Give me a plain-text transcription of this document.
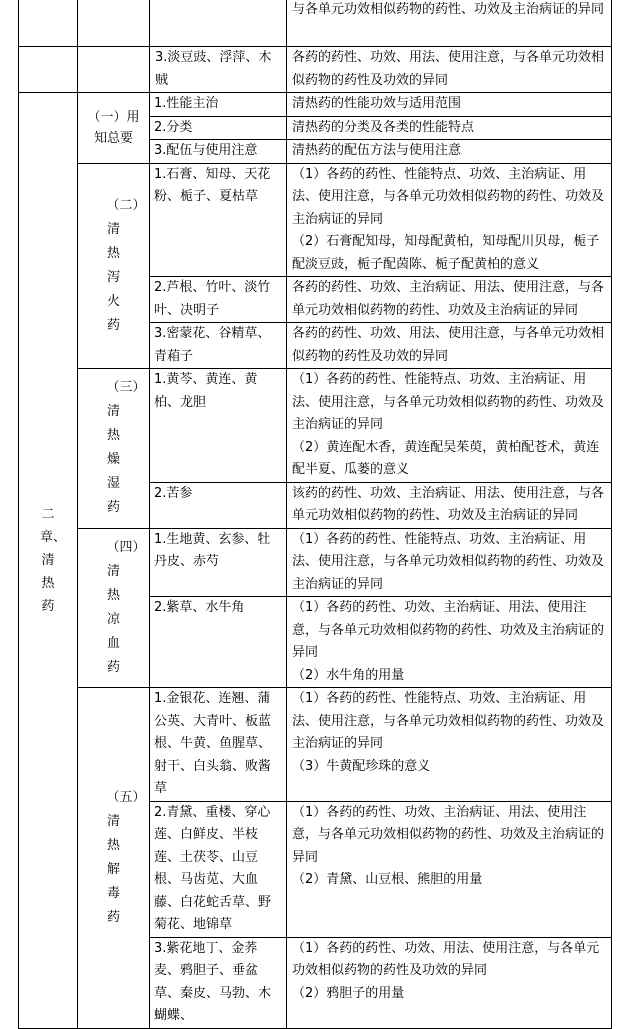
			与各单元功效相似药物的药性、功效及主治病证的异同

		3.淡豆豉、浮萍、木贼	各药的药性、功效、用法、使用注意，与各单元功效相似药物的药性及功效的异同

二章、清热药	（一）用知总要	1.性能主治	清热药的性能功效与适用范围

		2.分类	清热药的分类及各类的性能特点

		3.配伍与使用注意	清热药的配伍方法与使用注意

	（二）清热泻火药	1.石膏、知母、天花粉、栀子、夏枯草	（1）各药的药性、性能特点、功效、主治病证、用法、使用注意，与各单元功效相似药物的药性、功效及主治病证的异同
（2）石膏配知母，知母配黄柏，知母配川贝母，栀子配淡豆豉，栀子配茵陈、栀子配黄柏的意义

		2.芦根、竹叶、淡竹叶、决明子	各药的药性、功效、主治病证、用法、使用注意，与各单元功效相似药物的药性、功效及主治病证的异同

		3.密蒙花、谷精草、青葙子	各药的药性、功效、用法、使用注意，与各单元功效相似药物的药性及功效的异同

	（三）清热燥湿药	1.黄芩、黄连、黄柏、龙胆	（1）各药的药性、性能特点、功效、主治病证、用法、使用注意，与各单元功效相似药物的药性、功效及主治病证的异同
（2）黄连配木香，黄连配吴茱萸，黄柏配苍术，黄连配半夏、瓜蒌的意义

		2.苦参	该药的药性、功效、主治病证、用法、使用注意，与各单元功效相似药物的药性、功效及主治病证的异同

	（四）清热凉血药	1.生地黄、玄参、牡丹皮、赤芍	（1）各药的药性、性能特点、功效、主治病证、用法、使用注意，与各单元功效相似药物的药性、功效及主治病证的异同

		2.紫草、水牛角	（1）各药的药性、功效、主治病证、用法、使用注意，与各单元功效相似药物的药性、功效及主治病证的异同
（2）水牛角的用量

	（五）清热解毒药	1.金银花、连翘、蒲公英、大青叶、板蓝根、牛黄、鱼腥草、射干、白头翁、败酱草	（1）各药的药性、性能特点、功效、主治病证、用法、使用注意，与各单元功效相似药物的药性、功效及主治病证的异同
（3）牛黄配珍珠的意义

		2.青黛、重楼、穿心莲、白鲜皮、半枝莲、土茯苓、山豆根、马齿苋、大血藤、白花蛇舌草、野菊花、地锦草	（1）各药的药性、功效、主治病证、用法、使用注意，与各单元功效相似药物的药性、功效及主治病证的异同
（2）青黛、山豆根、熊胆的用量

		3.紫花地丁、金荞麦、鸦胆子、垂盆草、秦皮、马勃、木蝴蝶、	（1）各药的药性、功效、用法、使用注意，与各单元功效相似药物的药性及功效的异同
（2）鸦胆子的用量
